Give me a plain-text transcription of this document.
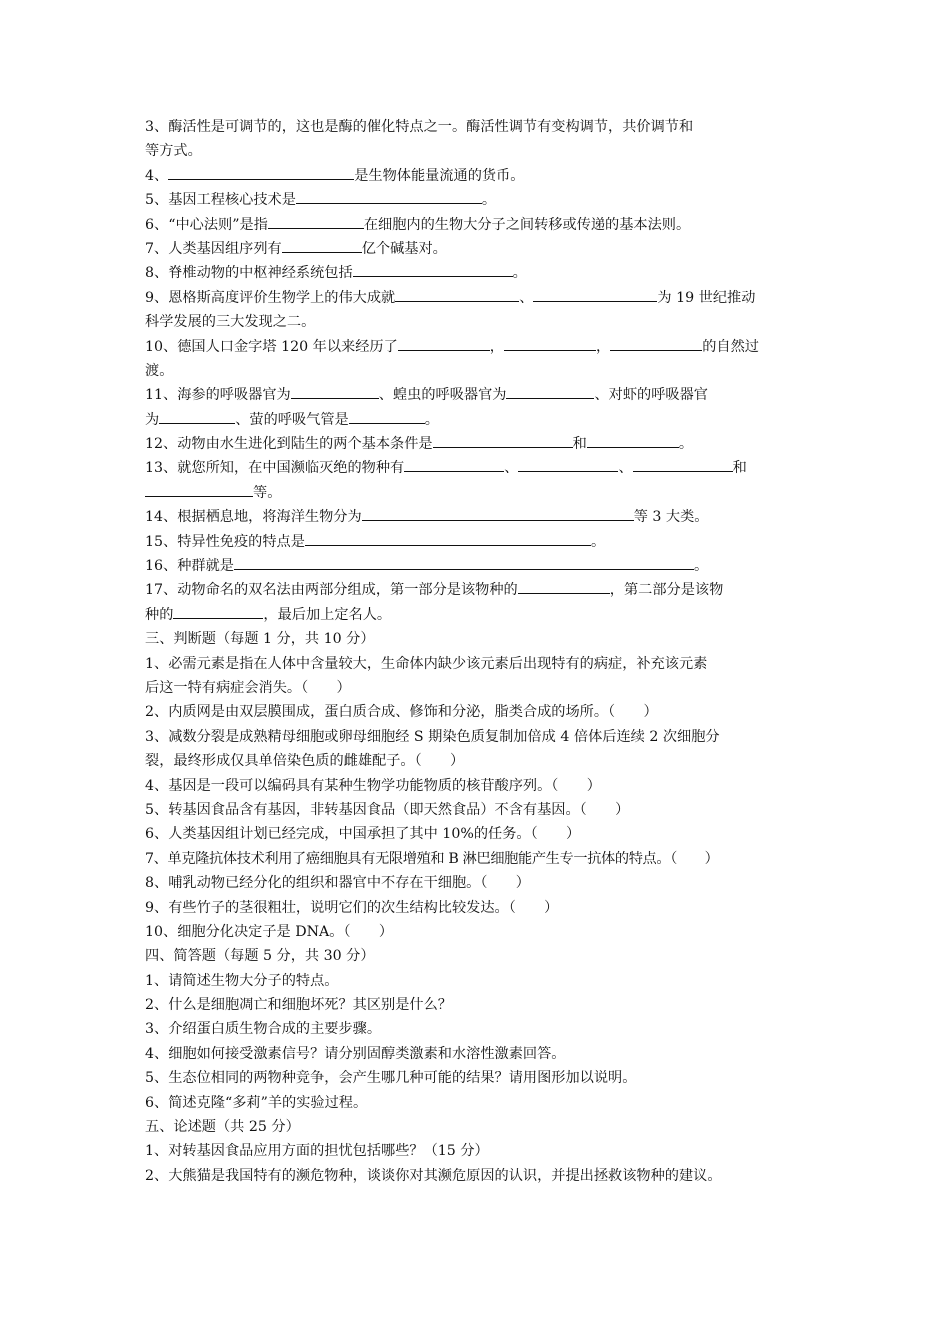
3、酶活性是可调节的，这也是酶的催化特点之一。酶活性调节有变构调节，共价调节和
等方式。
4、	是生物体能量流通的货币。
5、基因工程核心技术是	。
6、“中心法则”是指	在细胞内的生物大分子之间转移或传递的基本法则。
7、人类基因组序列有	亿个碱基对。
8、脊椎动物的中枢神经系统包括	。
9、恩格斯高度评价生物学上的伟大成就	、	为 19 世纪推动
科学发展的三大发现之二。
10、德国人口金字塔 120 年以来经历了	，	，	的自然过
渡。
11、海参的呼吸器官为	、蝗虫的呼吸器官为	、对虾的呼吸器官
为	、萤的呼吸气管是	。
12、动物由水生进化到陆生的两个基本条件是	和	。
13、就您所知，在中国濒临灭绝的物种有	、	、	和
等。
14、根据栖息地，将海洋生物分为	等 3 大类。
15、特异性免疫的特点是	。
16、种群就是	。
17、动物命名的双名法由两部分组成，第一部分是该物种的	，第二部分是该物
种的	，最后加上定名人。
三、判断题（每题 1 分，共 10 分）
1、必需元素是指在人体中含量较大，生命体内缺少该元素后出现特有的病症，补充该元素
后这一特有病症会消失。（　　）
2、内质网是由双层膜围成，蛋白质合成、修饰和分泌，脂类合成的场所。（　　）
3、减数分裂是成熟精母细胞或卵母细胞经 S 期染色质复制加倍成 4 倍体后连续 2 次细胞分
裂，最终形成仅具单倍染色质的雌雄配子。（　　）
4、基因是一段可以编码具有某种生物学功能物质的核苷酸序列。（　　）
5、转基因食品含有基因，非转基因食品（即天然食品）不含有基因。（　　）
6、人类基因组计划已经完成，中国承担了其中 10%的任务。（　　）
7、单克隆抗体技术利用了癌细胞具有无限增殖和 B 淋巴细胞能产生专一抗体的特点。（　　）
8、哺乳动物已经分化的组织和器官中不存在干细胞。（　　）
9、有些竹子的茎很粗壮，说明它们的次生结构比较发达。（　　）
10、细胞分化决定子是 DNA。（　　）
四、简答题（每题 5 分，共 30 分）
1、请简述生物大分子的特点。
2、什么是细胞凋亡和细胞坏死？其区别是什么？
3、介绍蛋白质生物合成的主要步骤。
4、细胞如何接受激素信号？请分别固醇类激素和水溶性激素回答。
5、生态位相同的两物种竞争，会产生哪几种可能的结果？请用图形加以说明。
6、简述克隆“多莉”羊的实验过程。
五、论述题（共 25 分）
1、对转基因食品应用方面的担忧包括哪些？（15 分）
2、大熊猫是我国特有的濒危物种，谈谈你对其濒危原因的认识，并提出拯救该物种的建议。
